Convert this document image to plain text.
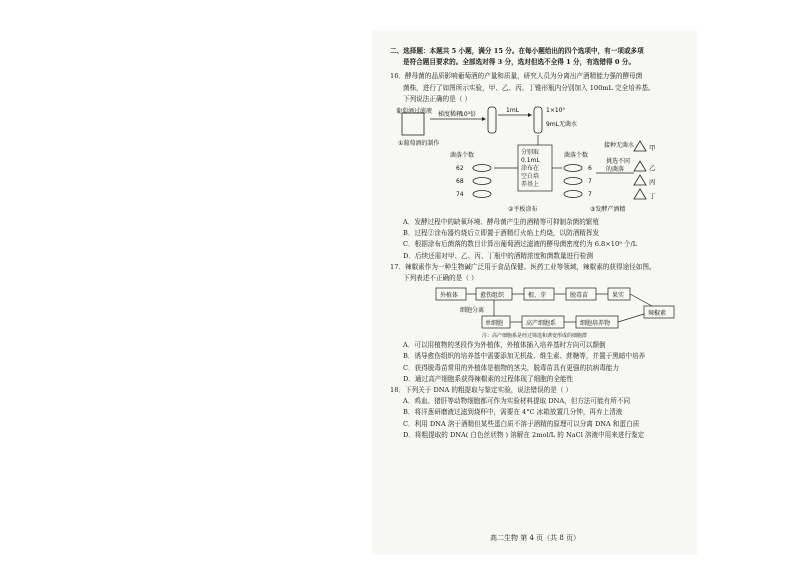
二、选择题：本题共 5 小题，满分 15 分。在每小题给出的四个选项中，有一项或多项
是符合题目要求的。全部选对得 3 分，选对但选不全得 1 分，有选错得 0 分。
16．酵母菌的品质影响葡萄酒的产量和质量，研究人员为分离出产酒精能力强的酵母菌
菌株，进行了如图所示实验，甲、乙、丙、丁锥形瓶内分别加入 100mL 完全培养基。
下列说法正确的是（ ）
葡萄酒过滤液 梯度稀释
10³倍
1mL	1×10⁵
9mL无菌水
①葡萄酒的制作
菌落个数
62
68
74
分别取
0.1mL
涂布在
空白培
养基上
菌落个数
6
7
7
接种无菌水
挑选不同
的菌落
甲
乙
丙
丁
②平板涂布	③发酵产酒精
A．发酵过程中的缺氧环境、酵母菌产生的酒精等可抑制杂菌的繁殖
B．过程②涂布器灼烧后立即置于酒精灯火焰上灼烧，以防酒精挥发
C．根据涂布后菌落的数目计算出葡萄酒过滤液的酵母菌密度约为 6.8×10⁹ 个/L
D．后续还需对甲、乙、丙、丁瓶中的酒精浓度和菌数量进行检测
17．辣椒素作为一种生物碱广泛用于食品保健、医药工业等领域，辣椒素的获得途径如图。
下列表述不正确的是（ ）
外植体	愈伤组织	根、芽	脱毒苗	果实
辣椒素
细胞分离
单细胞	高产细胞系	细胞培养物
注：高产细胞系是经过筛选和诱变形成的细胞群
A．可以用植物的茎段作为外植体，外植体插入培养基时方向可以颠倒
B．诱导愈伤组织的培养基中需要添加无机盐、维生素、蔗糖等，并置于黑暗中培养
C．获得脱毒苗常用的外植体是植物的茎尖，脱毒苗具有更强的抗病毒能力
D．通过高产细胞系获得辣椒素的过程体现了细胞的全能性
18．下列关于 DNA 的粗提取与鉴定实验，说法错误的是（ ）
A．鸡血、猪肝等动物细胞都可作为实验材料提取 DNA，但方法可能有所不同
B．将洋葱研磨液过滤到烧杯中，需要在 4°C 冰箱放置几分钟，再弃上清液
C．利用 DNA 溶于酒精但某些蛋白质不溶于酒精的原理可以分离 DNA 和蛋白质
D．将粗提取的 DNA( 白色丝状物 ) 溶解在 2mol/L 的 NaCl 溶液中用来进行鉴定
高二生物 第 4 页（共 8 页）
